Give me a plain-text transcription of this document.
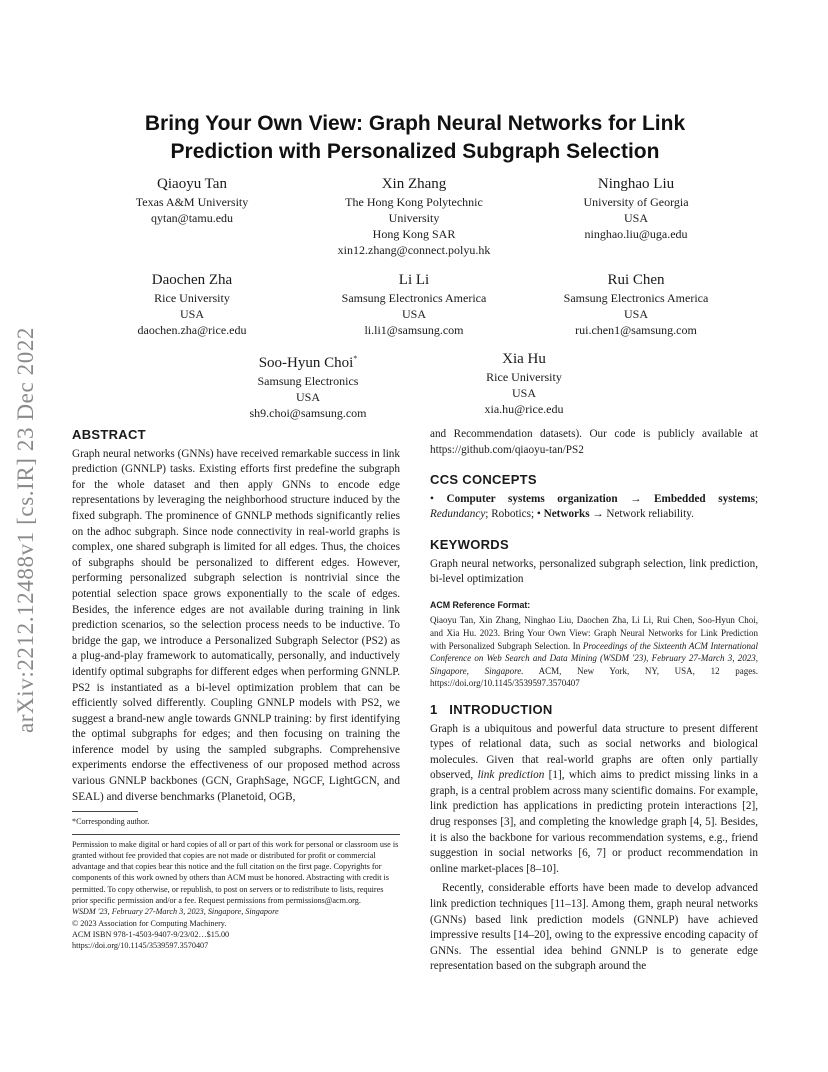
arXiv:2212.12488v1 [cs.IR] 23 Dec 2022
Bring Your Own View: Graph Neural Networks for Link
Prediction with Personalized Subgraph Selection
Qiaoyu Tan
Texas A&M University
qytan@tamu.edu
Xin Zhang
The Hong Kong Polytechnic
University
Hong Kong SAR
xin12.zhang@connect.polyu.hk
Ninghao Liu
University of Georgia
USA
ninghao.liu@uga.edu
Daochen Zha
Rice University
USA
daochen.zha@rice.edu
Li Li
Samsung Electronics America
USA
li.li1@samsung.com
Rui Chen
Samsung Electronics America
USA
rui.chen1@samsung.com
Soo-Hyun Choi*
Samsung Electronics
USA
sh9.choi@samsung.com
Xia Hu
Rice University
USA
xia.hu@rice.edu
ABSTRACT

Graph neural networks (GNNs) have received remarkable success in link prediction (GNNLP) tasks. Existing efforts first predefine the subgraph for the whole dataset and then apply GNNs to encode edge representations by leveraging the neighborhood structure induced by the fixed subgraph. The prominence of GNNLP methods significantly relies on the adhoc subgraph. Since node connectivity in real-world graphs is complex, one shared subgraph is limited for all edges. Thus, the choices of subgraphs should be personalized to different edges. However, performing personalized subgraph selection is nontrivial since the potential selection space grows exponentially to the scale of edges. Besides, the inference edges are not available during training in link prediction scenarios, so the selection process needs to be inductive. To bridge the gap, we introduce a Personalized Subgraph Selector (PS2) as a plug-and-play framework to automatically, personally, and inductively identify optimal subgraphs for different edges when performing GNNLP. PS2 is instantiated as a bi-level optimization problem that can be efficiently solved differently. Coupling GNNLP models with PS2, we suggest a brand-new angle towards GNNLP training: by first identifying the optimal subgraphs for edges; and then focusing on training the inference model by using the sampled subgraphs. Comprehensive experiments endorse the effectiveness of our proposed method across various GNNLP backbones (GCN, GraphSage, NGCF, LightGCN, and SEAL) and diverse benchmarks (Planetoid, OGB,

*Corresponding author.
Permission to make digital or hard copies of all or part of this work for personal or classroom use is granted without fee provided that copies are not made or distributed for profit or commercial advantage and that copies bear this notice and the full citation on the first page. Copyrights for components of this work owned by others than ACM must be honored. Abstracting with credit is permitted. To copy otherwise, or republish, to post on servers or to redistribute to lists, requires prior specific permission and/or a fee. Request permissions from permissions@acm.org.
WSDM '23, February 27-March 3, 2023, Singapore, Singapore
© 2023 Association for Computing Machinery.
ACM ISBN 978-1-4503-9407-9/23/02…$15.00
https://doi.org/10.1145/3539597.3570407

and Recommendation datasets). Our code is publicly available at https://github.com/qiaoyu-tan/PS2

CCS CONCEPTS

• Computer systems organization → Embedded systems; Redundancy; Robotics; • Networks → Network reliability.

KEYWORDS

Graph neural networks, personalized subgraph selection, link prediction, bi-level optimization

ACM Reference Format:

Qiaoyu Tan, Xin Zhang, Ninghao Liu, Daochen Zha, Li Li, Rui Chen, Soo-Hyun Choi, and Xia Hu. 2023. Bring Your Own View: Graph Neural Networks for Link Prediction with Personalized Subgraph Selection. In Proceedings of the Sixteenth ACM International Conference on Web Search and Data Mining (WSDM '23), February 27-March 3, 2023, Singapore, Singapore. ACM, New York, NY, USA, 12 pages. https://doi.org/10.1145/3539597.3570407

1 INTRODUCTION

Graph is a ubiquitous and powerful data structure to present different types of relational data, such as social networks and biological molecules. Given that real-world graphs are often only partially observed, link prediction [1], which aims to predict missing links in a graph, is a central problem across many scientific domains. For example, link prediction has applications in predicting protein interactions [2], drug responses [3], and completing the knowledge graph [4, 5]. Besides, it is also the backbone for various recommendation systems, e.g., friend suggestion in social networks [6, 7] or product recommendation in online market-places [8–10].

Recently, considerable efforts have been made to develop advanced link prediction techniques [11–13]. Among them, graph neural networks (GNNs) based link prediction models (GNNLP) have achieved impressive results [14–20], owing to the expressive encoding capacity of GNNs. The essential idea behind GNNLP is to generate edge representation based on the subgraph around the
